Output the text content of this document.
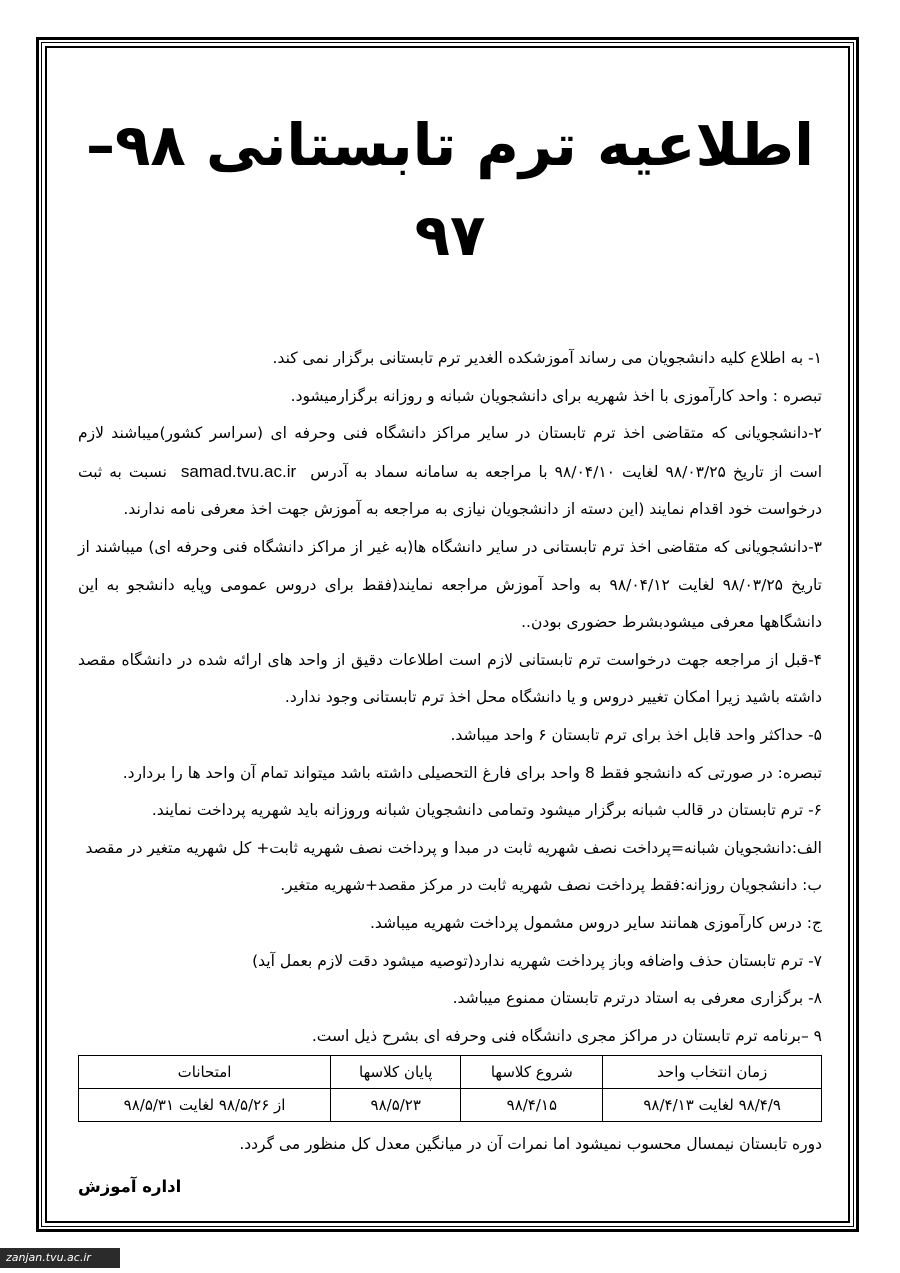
اطلاعیه ترم تابستانی ۹۸–۹۷

۱- به اطلاع کلیه دانشجویان می رساند آموزشکده الغدیر ترم تابستانی برگزار نمی کند.

تبصره : واحد کارآموزی با اخذ شهریه برای دانشجویان شبانه و روزانه برگزارمیشود.

۲-دانشجویانی که متقاضی اخذ ترم تابستان در سایر مراکز دانشگاه فنی وحرفه ای (سراسر کشور)میباشند لازم است از تاریخ ۹۸/۰۳/۲۵ لغایت ۹۸/۰۴/۱۰ با مراجعه به سامانه سماد به آدرس  samad.tvu.ac.ir  نسبت به ثبت درخواست خود اقدام نمایند (این دسته از دانشجویان نیازی به مراجعه به آموزش جهت اخذ معرفی نامه ندارند.

۳-دانشجویانی که متقاضی اخذ ترم تابستانی در سایر دانشگاه ها(به غیر از مراکز دانشگاه فنی وحرفه ای) میباشند از تاریخ ۹۸/۰۳/۲۵ لغایت ۹۸/۰۴/۱۲ به واحد آموزش مراجعه نمایند(فقط برای دروس عمومی وپایه دانشجو به این دانشگاهها معرفی میشودبشرط حضوری بودن..

۴-قبل از مراجعه جهت درخواست ترم تابستانی لازم است اطلاعات دقیق از واحد های ارائه شده در دانشگاه مقصد داشته باشید زیرا امکان تغییر دروس و یا دانشگاه محل اخذ ترم تابستانی وجود ندارد.

۵- حداکثر واحد قابل اخذ برای ترم تابستان ۶ واحد میباشد.

تبصره: در صورتی که دانشجو فقط 8 واحد برای فارغ التحصیلی داشته باشد میتواند تمام آن واحد ها را بردارد.

۶- ترم تابستان در قالب شبانه برگزار میشود وتمامی دانشجویان شبانه وروزانه باید شهریه پرداخت نمایند.

الف:دانشجویان شبانه=پرداخت نصف شهریه ثابت در مبدا و پرداخت نصف شهریه ثابت+ کل شهریه متغیر در مقصد

ب: دانشجویان روزانه:فقط پرداخت نصف شهریه ثابت در مرکز مقصد+شهریه متغیر.

ج: درس کارآموزی همانند سایر دروس مشمول پرداخت شهریه میباشد.

۷- ترم تابستان حذف واضافه وباز پرداخت شهریه ندارد(توصیه میشود دقت لازم بعمل آید)

۸- برگزاری معرفی به استاد درترم تابستان ممنوع میباشد.

۹ –برنامه ترم تابستان در مراکز مجری دانشگاه فنی وحرفه ای بشرح ذیل است.

زمان انتخاب واحد	شروع کلاسها	پایان کلاسها	امتحانات
۹۸/۴/۹ لغایت ۹۸/۴/۱۳	۹۸/۴/۱۵	۹۸/۵/۲۳	از ۹۸/۵/۲۶ لغایت ۹۸/۵/۳۱
دوره تابستان نیمسال محسوب نمیشود اما نمرات آن در میانگین معدل کل منظور می گردد.
اداره آموزش
zanjan.tvu.ac.ir
